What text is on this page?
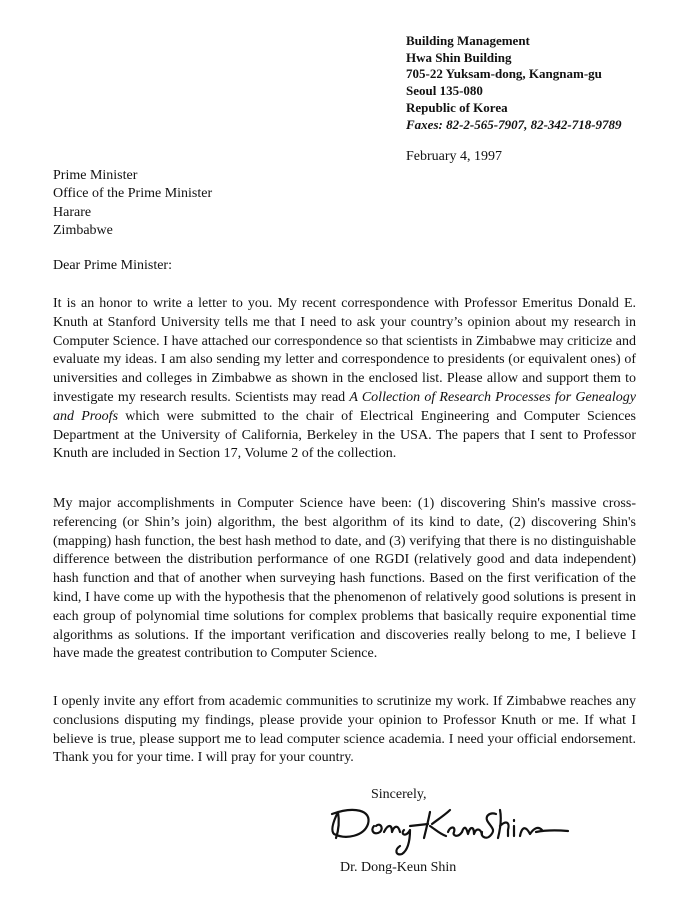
Building Management
Hwa Shin Building
705-22 Yuksam-dong, Kangnam-gu
Seoul 135-080
Republic of Korea
Faxes: 82-2-565-7907, 82-342-718-9789
February 4, 1997
Prime Minister
Office of the Prime Minister
Harare
Zimbabwe
Dear Prime Minister:

It is an honor to write a letter to you. My recent correspondence with Professor Emeritus Donald E. Knuth at Stanford University tells me that I need to ask your country’s opinion about my research in Computer Science. I have attached our correspondence so that scientists in Zimbabwe may criticize and evaluate my ideas. I am also sending my letter and correspondence to presidents (or equivalent ones) of universities and colleges in Zimbabwe as shown in the enclosed list. Please allow and support them to investigate my research results. Scientists may read A Collection of Research Processes for Genealogy and Proofs which were submitted to the chair of Electrical Engineering and Computer Sciences Department at the University of California, Berkeley in the USA. The papers that I sent to Professor Knuth are included in Section 17, Volume 2 of the collection.

My major accomplishments in Computer Science have been: (1) discovering Shin's massive cross-referencing (or Shin’s join) algorithm, the best algorithm of its kind to date, (2) discovering Shin's (mapping) hash function, the best hash method to date, and (3) verifying that there is no distinguishable difference between the distribution performance of one RGDI (relatively good and data independent) hash function and that of another when surveying hash functions. Based on the first verification of the kind, I have come up with the hypothesis that the phenomenon of relatively good solutions is present in each group of polynomial time solutions for complex problems that basically require exponential time algorithms as solutions. If the important verification and discoveries really belong to me, I believe I have made the greatest contribution to Computer Science.

I openly invite any effort from academic communities to scrutinize my work. If Zimbabwe reaches any conclusions disputing my findings, please provide your opinion to Professor Knuth or me. If what I believe is true, please support me to lead computer science academia. I need your official endorsement. Thank you for your time. I will pray for your country.

Sincerely,
Dr. Dong-Keun Shin
